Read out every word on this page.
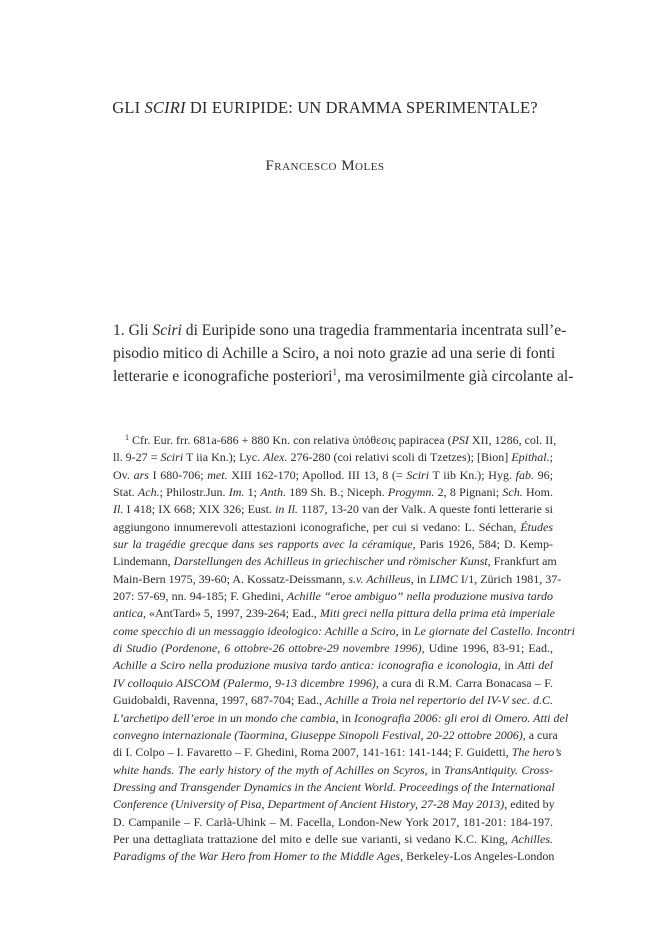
GLI SCIRI DI EURIPIDE: UN DRAMMA SPERIMENTALE?
Francesco Moles
1. Gli Sciri di Euripide sono una tragedia frammentaria incentrata sull’e-
pisodio mitico di Achille a Sciro, a noi noto grazie ad una serie di fonti
letterarie e iconografiche posteriori$^1$, ma verosimilmente già circolante al-
$^1$ Cfr. Eur. frr. 681a-686 + 880 Kn. con relativa ὑπόθεσις papiracea (PSI XII, 1286, col. II,
ll. 9-27 = Sciri T iia Kn.); Lyc. Alex. 276-280 (coi relativi scoli di Tzetzes); [Bion] Epithal.;
Ov. ars I 680-706; met. XIII 162-170; Apollod. III 13, 8 (= Sciri T iib Kn.); Hyg. fab. 96;
Stat. Ach.; Philostr.Jun. Im. 1; Anth. 189 Sh. B.; Niceph. Progymn. 2, 8 Pignani; Sch. Hom.
Il. I 418; IX 668; XIX 326; Eust. in Il. 1187, 13-20 van der Valk. A queste fonti letterarie si
aggiungono innumerevoli attestazioni iconografiche, per cui si vedano: L. Séchan, Études
sur la tragédie grecque dans ses rapports avec la céramique, Paris 1926, 584; D. Kemp-
Lindemann, Darstellungen des Achilleus in griechischer und römischer Kunst, Frankfurt am
Main-Bern 1975, 39-60; A. Kossatz-Deissmann, s.v. Achilleus, in LIMC I/1, Zürich 1981, 37-
207: 57-69, nn. 94-185; F. Ghedini, Achille “eroe ambiguo” nella produzione musiva tardo
antica, «AntTard» 5, 1997, 239-264; Ead., Miti greci nella pittura della prima età imperiale
come specchio di un messaggio ideologico: Achille a Sciro, in Le giornate del Castello. Incontri
di Studio (Pordenone, 6 ottobre-26 ottobre-29 novembre 1996), Udine 1996, 83-91; Ead.,
Achille a Sciro nella produzione musiva tardo antica: iconografia e iconologia, in Atti del
IV colloquio AISCOM (Palermo, 9-13 dicembre 1996), a cura di R.M. Carra Bonacasa – F.
Guidobaldi, Ravenna, 1997, 687-704; Ead., Achille a Troia nel repertorio del IV-V sec. d.C.
L’archetipo dell’eroe in un mondo che cambia, in Iconografia 2006: gli eroi di Omero. Atti del
convegno internazionale (Taormina, Giuseppe Sinopoli Festival, 20-22 ottobre 2006), a cura
di I. Colpo – I. Favaretto – F. Ghedini, Roma 2007, 141-161: 141-144; F. Guidetti, The hero’s
white hands. The early history of the myth of Achilles on Scyros, in TransAntiquity. Cross-
Dressing and Transgender Dynamics in the Ancient World. Proceedings of the International
Conference (University of Pisa, Department of Ancient History, 27-28 May 2013), edited by
D. Campanile – F. Carlà-Uhink – M. Facella, London-New York 2017, 181-201: 184-197.
Per una dettagliata trattazione del mito e delle sue varianti, si vedano K.C. King, Achilles.
Paradigms of the War Hero from Homer to the Middle Ages, Berkeley-Los Angeles-London
